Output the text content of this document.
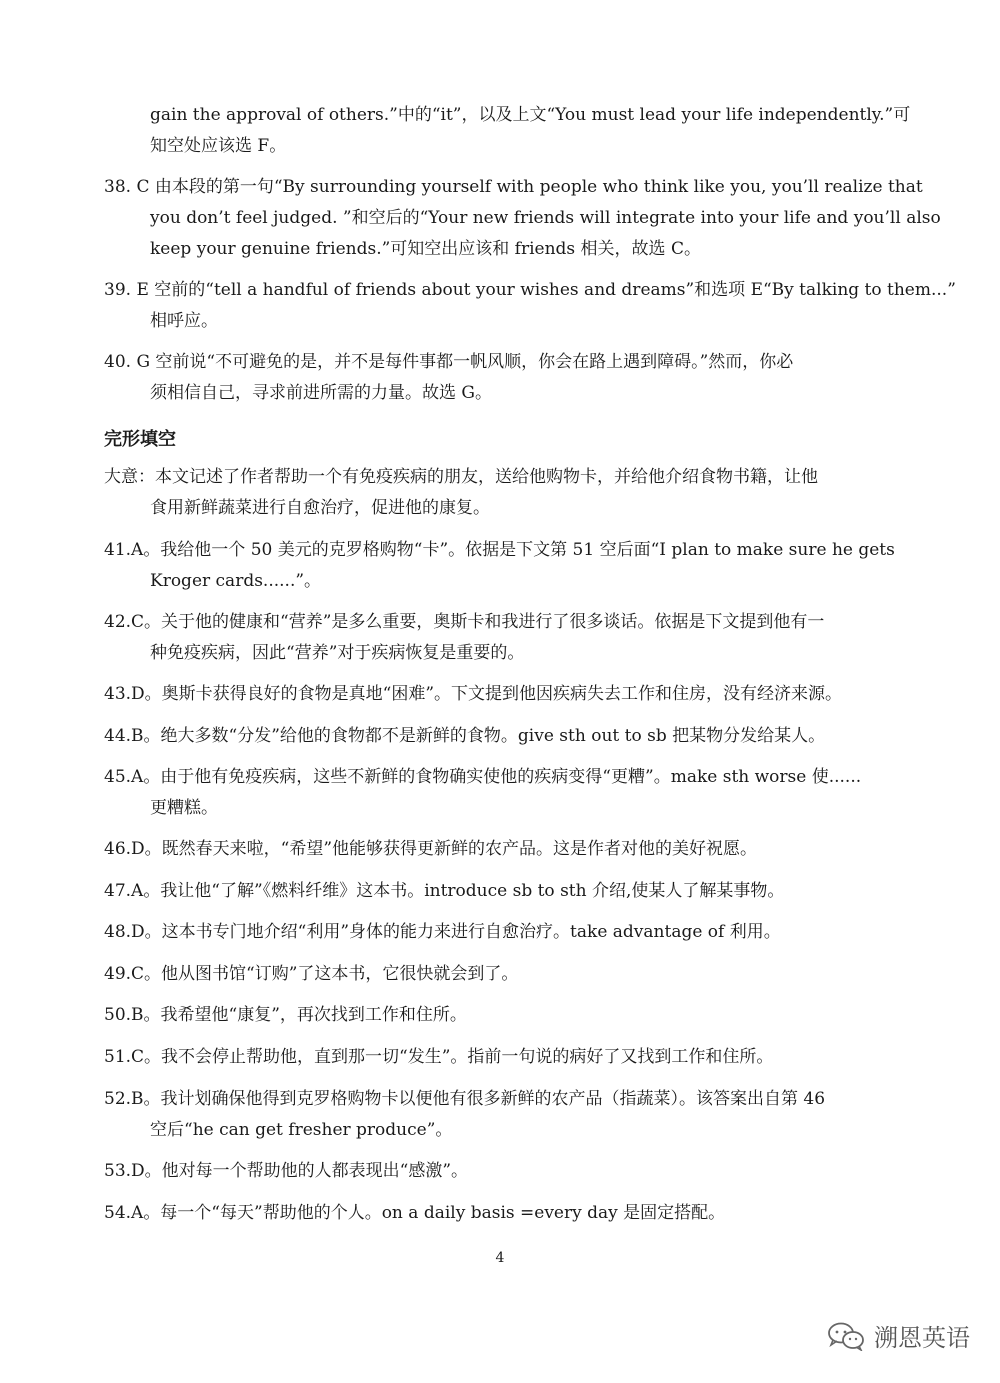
gain the approval of others.”中的“it”，以及上文“You must lead your life independently.”可
知空处应该选 F。
38. C 由本段的第一句“By surrounding yourself with people who think like you, you’ll realize that
you don’t feel judged. ”和空后的“Your new friends will integrate into your life and you’ll also
keep your genuine friends.”可知空出应该和 friends 相关，故选 C。
39. E 空前的“tell a handful of friends about your wishes and dreams”和选项 E“By talking to them...”
相呼应。
40. G 空前说“不可避免的是，并不是每件事都一帆风顺，你会在路上遇到障碍。”然而，你必
须相信自己，寻求前进所需的力量。故选 G。
完形填空
大意：本文记述了作者帮助一个有免疫疾病的朋友，送给他购物卡，并给他介绍食物书籍，让他
食用新鲜蔬菜进行自愈治疗，促进他的康复。
41.A。我给他一个 50 美元的克罗格购物“卡”。依据是下文第 51 空后面“I plan to make sure he gets
Kroger cards......”。
42.C。关于他的健康和“营养”是多么重要，奥斯卡和我进行了很多谈话。依据是下文提到他有一
种免疫疾病，因此“营养”对于疾病恢复是重要的。
43.D。奥斯卡获得良好的食物是真地“困难”。下文提到他因疾病失去工作和住房，没有经济来源。
44.B。绝大多数“分发”给他的食物都不是新鲜的食物。give sth out to sb 把某物分发给某人。
45.A。由于他有免疫疾病，这些不新鲜的食物确实使他的疾病变得“更糟”。make sth worse 使......
更糟糕。
46.D。既然春天来啦，“希望”他能够获得更新鲜的农产品。这是作者对他的美好祝愿。
47.A。我让他“了解”《燃料纤维》这本书。introduce sb to sth 介绍,使某人了解某事物。
48.D。这本书专门地介绍“利用”身体的能力来进行自愈治疗。take advantage of 利用。
49.C。他从图书馆“订购”了这本书，它很快就会到了。
50.B。我希望他“康复”，再次找到工作和住所。
51.C。我不会停止帮助他，直到那一切“发生”。指前一句说的病好了又找到工作和住所。
52.B。我计划确保他得到克罗格购物卡以便他有很多新鲜的农产品（指蔬菜）。该答案出自第 46
空后“he can get fresher produce”。
53.D。他对每一个帮助他的人都表现出“感激”。
54.A。每一个“每天”帮助他的个人。on a daily basis =every day 是固定搭配。
4
溯恩英语
